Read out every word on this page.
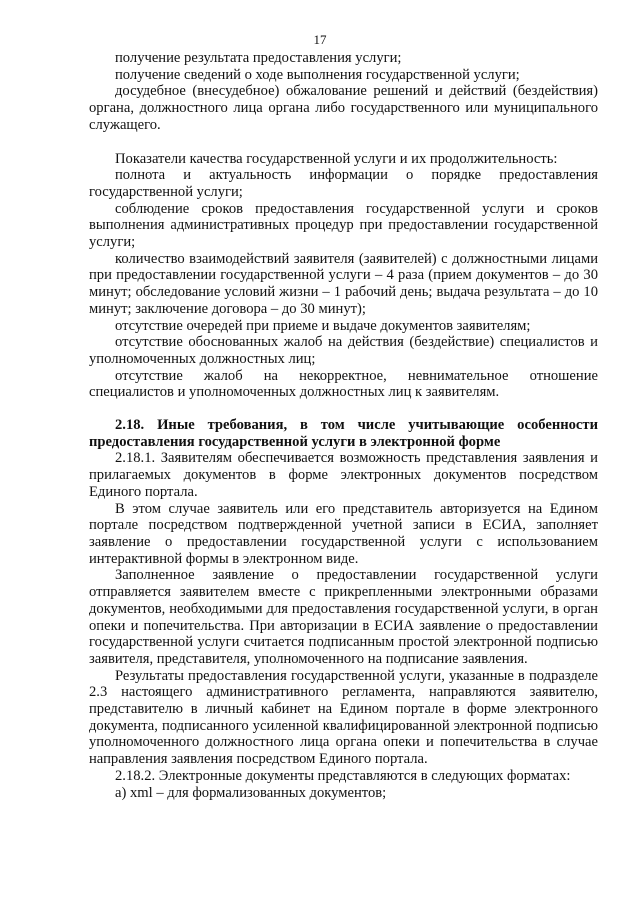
17

получение результата предоставления услуги;

получение сведений о ходе выполнения государственной услуги;

досудебное (внесудебное) обжалование решений и действий (бездействия) органа, должностного лица органа либо государственного или муниципального служащего.

Показатели качества государственной услуги и их продолжительность:

полнота и актуальность информации о порядке предоставления государственной услуги;

соблюдение сроков предоставления государственной услуги и сроков выполнения административных процедур при предоставлении государственной услуги;

количество взаимодействий заявителя (заявителей) с должностными лицами при предоставлении государственной услуги – 4 раза (прием документов – до 30 минут; обследование условий жизни – 1 рабочий день; выдача результата – до 10 минут; заключение договора – до 30 минут);

отсутствие очередей при приеме и выдаче документов заявителям;

отсутствие обоснованных жалоб на действия (бездействие) специалистов и уполномоченных должностных лиц;

отсутствие жалоб на некорректное, невнимательное отношение специалистов и уполномоченных должностных лиц к заявителям.

2.18. Иные требования, в том числе учитывающие особенности предоставления государственной услуги в электронной форме

2.18.1. Заявителям обеспечивается возможность представления заявления и прилагаемых документов в форме электронных документов посредством Единого портала.

В этом случае заявитель или его представитель авторизуется на Едином портале посредством подтвержденной учетной записи в ЕСИА, заполняет заявление о предоставлении государственной услуги с использованием интерактивной формы в электронном виде.

Заполненное заявление о предоставлении государственной услуги отправляется заявителем вместе с прикрепленными электронными образами документов, необходимыми для предоставления государственной услуги, в орган опеки и попечительства. При авторизации в ЕСИА заявление о предоставлении государственной услуги считается подписанным простой электронной подписью заявителя, представителя, уполномоченного на подписание заявления.

Результаты предоставления государственной услуги, указанные в подразделе 2.3 настоящего административного регламента, направляются заявителю, представителю в личный кабинет на Едином портале в форме электронного документа, подписанного усиленной квалифицированной электронной подписью уполномоченного должностного лица органа опеки и попечительства в случае направления заявления посредством Единого портала.

2.18.2. Электронные документы представляются в следующих форматах:

а) xml – для формализованных документов;
